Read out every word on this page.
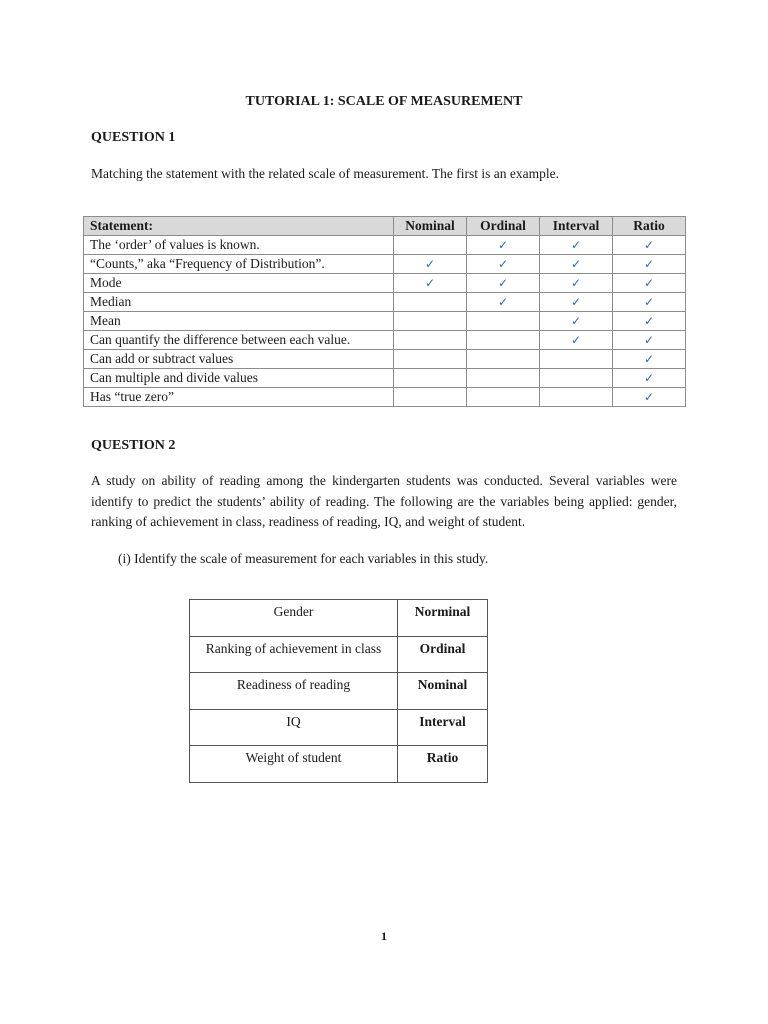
TUTORIAL 1: SCALE OF MEASUREMENT
QUESTION 1
Matching the statement with the related scale of measurement. The first is an example.
Statement:	Nominal	Ordinal	Interval	Ratio
The ‘order’ of values is known.		✓	✓	✓
“Counts,” aka “Frequency of Distribution”.	✓	✓	✓	✓
Mode	✓	✓	✓	✓
Median		✓	✓	✓
Mean			✓	✓
Can quantify the difference between each value.			✓	✓
Can add or subtract values				✓
Can multiple and divide values				✓
Has “true zero”				✓
QUESTION 2
A study on ability of reading among the kindergarten students was conducted. Several variables were identify to predict the students’ ability of reading. The following are the variables being applied: gender, ranking of achievement in class, readiness of reading, IQ, and weight of student.
(i) Identify the scale of measurement for each variables in this study.
Gender	Norminal
Ranking of achievement in class	Ordinal
Readiness of reading	Nominal
IQ	Interval
Weight of student	Ratio
1
